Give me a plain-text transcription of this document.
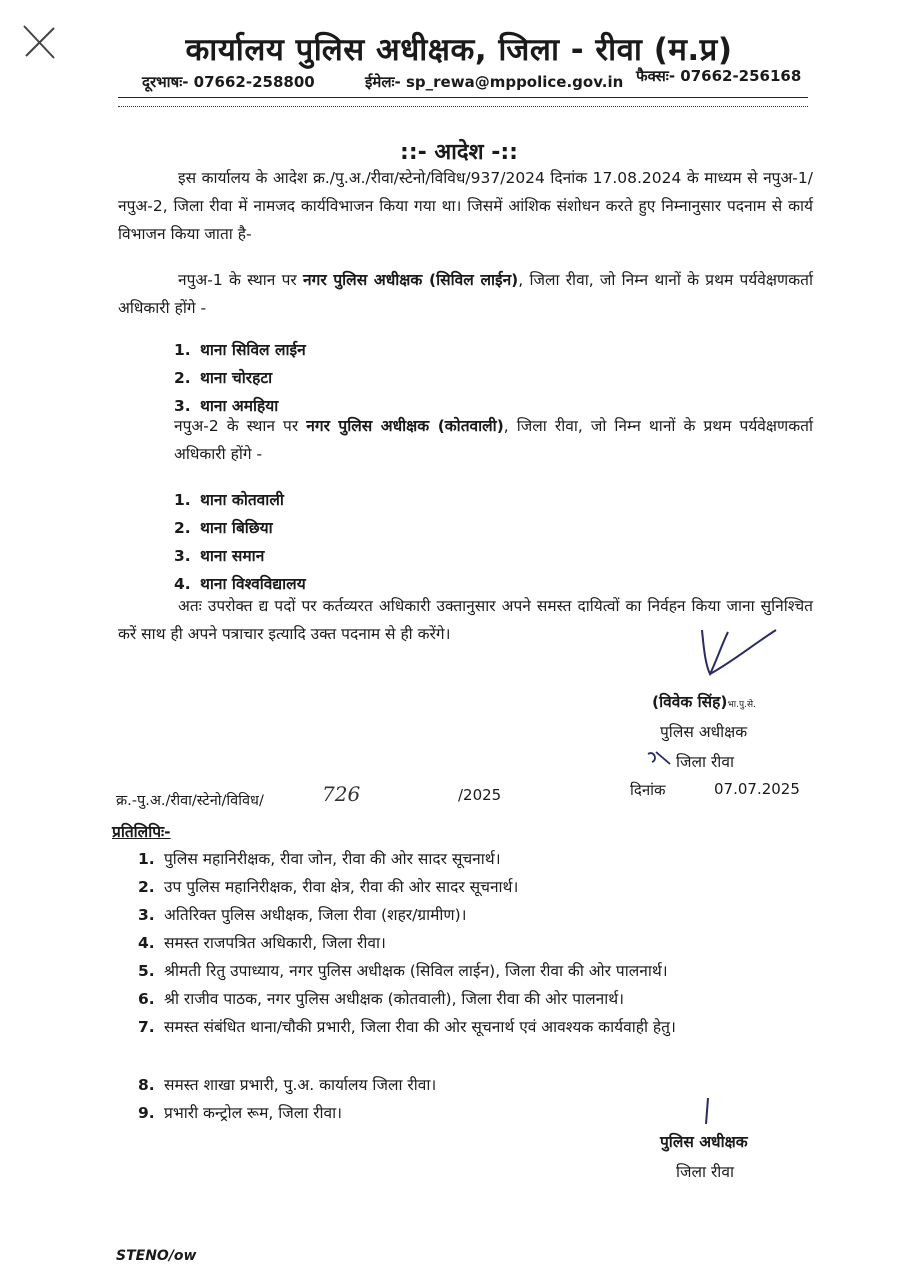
कार्यालय पुलिस अधीक्षक, जिला - रीवा (म.प्र)
दूरभाषः- 07662-258800	ईमेलः- sp_rewa@mppolice.gov.in फैक्सः- 07662-256168
::- आदेश -::
इस कार्यालय के आदेश क्र./पु.अ./रीवा/स्टेनो/विविध/937/2024 दिनांक 17.08.2024 के माध्यम से नपुअ-1/नपुअ-2, जिला रीवा में नामजद कार्यविभाजन किया गया था। जिसमें आंशिक संशोधन करते हुए निम्नानुसार पदनाम से कार्य विभाजन किया जाता है-
नपुअ-1 के स्थान पर नगर पुलिस अधीक्षक (सिविल लाईन), जिला रीवा, जो निम्न थानों के प्रथम पर्यवेक्षणकर्ता अधिकारी होंगे -
1. थाना सिविल लाईन
2. थाना चोरहटा
3. थाना अमहिया
नपुअ-2 के स्थान पर नगर पुलिस अधीक्षक (कोतवाली), जिला रीवा, जो निम्न थानों के प्रथम पर्यवेक्षणकर्ता अधिकारी होंगे -
1. थाना कोतवाली
2. थाना बिछिया
3. थाना समान
4. थाना विश्वविद्यालय
अतः उपरोक्त द्य पदों पर कर्तव्यरत अधिकारी उक्तानुसार अपने समस्त दायित्वों का निर्वहन किया जाना सुनिश्चित करें साथ ही अपने पत्राचार इत्यादि उक्त पदनाम से ही करेंगे।
(विवेक सिंह)भा.पु.से.
पुलिस अधीक्षक
जिला रीवा
क्र.-पु.अ./रीवा/स्टेनो/विविध/	726	/2025	दिनांक	07.07.2025
प्रतिलिपिः-
1. पुलिस महानिरीक्षक, रीवा जोन, रीवा की ओर सादर सूचनार्थ।
2. उप पुलिस महानिरीक्षक, रीवा क्षेत्र, रीवा की ओर सादर सूचनार्थ।
3. अतिरिक्त पुलिस अधीक्षक, जिला रीवा (शहर/ग्रामीण)।
4. समस्त राजपत्रित अधिकारी, जिला रीवा।
5. श्रीमती रितु उपाध्याय, नगर पुलिस अधीक्षक (सिविल लाईन), जिला रीवा की ओर पालनार्थ।
6. श्री राजीव पाठक, नगर पुलिस अधीक्षक (कोतवाली), जिला रीवा की ओर पालनार्थ।
7. समस्त संबंधित थाना/चौकी प्रभारी, जिला रीवा की ओर सूचनार्थ एवं आवश्यक कार्यवाही हेतु।
8. समस्त शाखा प्रभारी, पु.अ. कार्यालय जिला रीवा।
9. प्रभारी कन्ट्रोल रूम, जिला रीवा।
पुलिस अधीक्षक
जिला रीवा
STENO/ow
